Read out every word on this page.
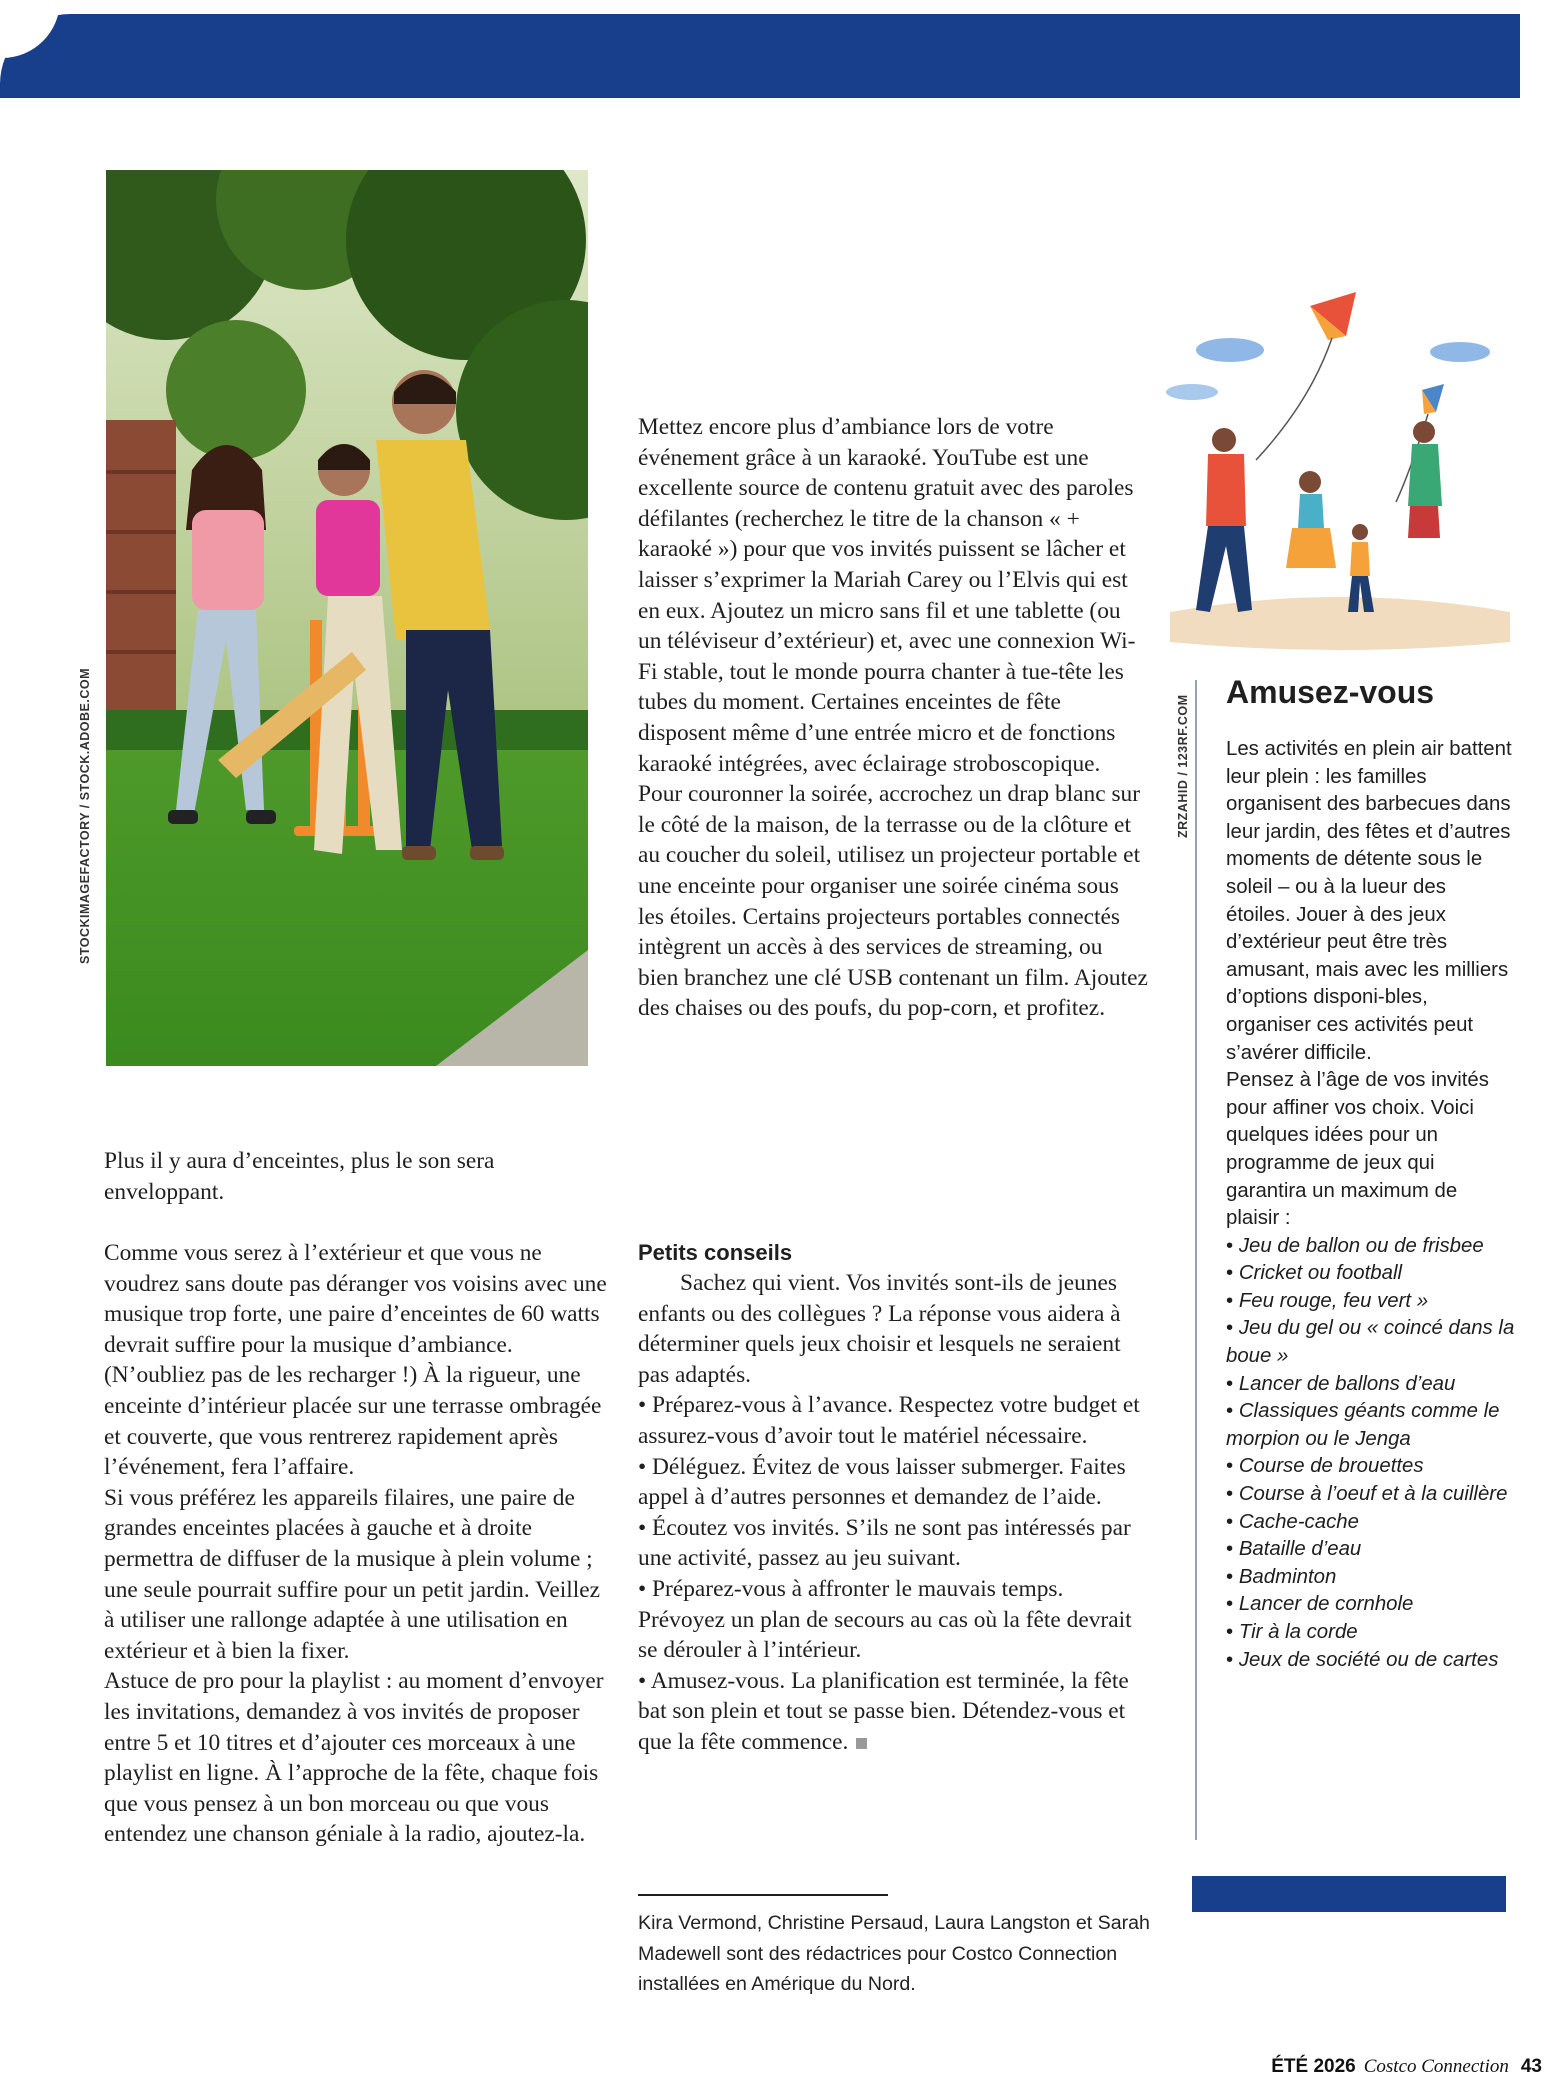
STOCKIMAGEFACTORY / STOCK.ADOBE.COM

Plus il y aura d’enceintes, plus le son sera enveloppant.

Comme vous serez à l’extérieur et que vous ne voudrez sans doute pas déranger vos voisins avec une musique trop forte, une paire d’enceintes de 60 watts devrait suffire pour la musique d’ambiance. (N’oubliez pas de les recharger !) À la rigueur, une enceinte d’intérieur placée sur une terrasse ombragée et couverte, que vous rentrerez rapidement après l’événement, fera l’affaire.

Si vous préférez les appareils filaires, une paire de grandes enceintes placées à gauche et à droite permettra de diffuser de la musique à plein volume ; une seule pourrait suffire pour un petit jardin. Veillez à utiliser une rallonge adaptée à une utilisation en extérieur et à bien la fixer.

Astuce de pro pour la playlist : au moment d’envoyer les invitations, demandez à vos invités de proposer entre 5 et 10 titres et d’ajouter ces morceaux à une playlist en ligne. À l’approche de la fête, chaque fois que vous pensez à un bon morceau ou que vous entendez une chanson géniale à la radio, ajoutez-la.

Mettez encore plus d’ambiance lors de votre événement grâce à un karaoké. YouTube est une excellente source de contenu gratuit avec des paroles défilantes (recherchez le titre de la chanson « + karaoké ») pour que vos invités puissent se lâcher et laisser s’exprimer la Mariah Carey ou l’Elvis qui est en eux. Ajoutez un micro sans fil et une tablette (ou un téléviseur d’extérieur) et, avec une connexion Wi-Fi stable, tout le monde pourra chanter à tue-tête les tubes du moment. Certaines enceintes de fête disposent même d’une entrée micro et de fonctions karaoké intégrées, avec éclairage stroboscopique.

Pour couronner la soirée, accrochez un drap blanc sur le côté de la maison, de la terrasse ou de la clôture et au coucher du soleil, utilisez un projecteur portable et une enceinte pour organiser une soirée cinéma sous les étoiles. Certains projecteurs portables connectés intègrent un accès à des services de streaming, ou bien branchez une clé USB contenant un film. Ajoutez des chaises ou des poufs, du pop-corn, et profitez.

Petits conseils

Sachez qui vient. Vos invités sont-ils de jeunes enfants ou des collègues ? La réponse vous aidera à déterminer quels jeux choisir et lesquels ne seraient pas adaptés.

• Préparez-vous à l’avance. Respectez votre budget et assurez-vous d’avoir tout le matériel nécessaire.

• Déléguez. Évitez de vous laisser submerger. Faites appel à d’autres personnes et demandez de l’aide.

• Écoutez vos invités. S’ils ne sont pas intéressés par une activité, passez au jeu suivant.

• Préparez-vous à affronter le mauvais temps. Prévoyez un plan de secours au cas où la fête devrait se dérouler à l’intérieur.

• Amusez-vous. La planification est terminée, la fête bat son plein et tout se passe bien. Détendez-vous et que la fête commence.

Kira Vermond, Christine Persaud, Laura Langston et Sarah Madewell sont des rédactrices pour Costco Connection installées en Amérique du Nord.
ZRZAHID / 123RF.COM
Amusez-vous

Les activités en plein air battent leur plein : les familles organisent des barbecues dans leur jardin, des fêtes et d’autres moments de détente sous le soleil – ou à la lueur des étoiles. Jouer à des jeux d’extérieur peut être très amusant, mais avec les milliers d’options disponi-bles, organiser ces activités peut s’avérer difficile.

Pensez à l’âge de vos invités pour affiner vos choix. Voici quelques idées pour un programme de jeux qui garantira un maximum de plaisir :

• Jeu de ballon ou de frisbee
• Cricket ou football
• Feu rouge, feu vert »
• Jeu du gel ou « coincé dans la boue »
• Lancer de ballons d’eau
• Classiques géants comme le morpion ou le Jenga
• Course de brouettes
• Course à l’oeuf et à la cuillère
• Cache-cache
• Bataille d’eau
• Badminton
• Lancer de cornhole
• Tir à la corde
• Jeux de société ou de cartes
ÉTÉ 2026 Costco Connection 43
